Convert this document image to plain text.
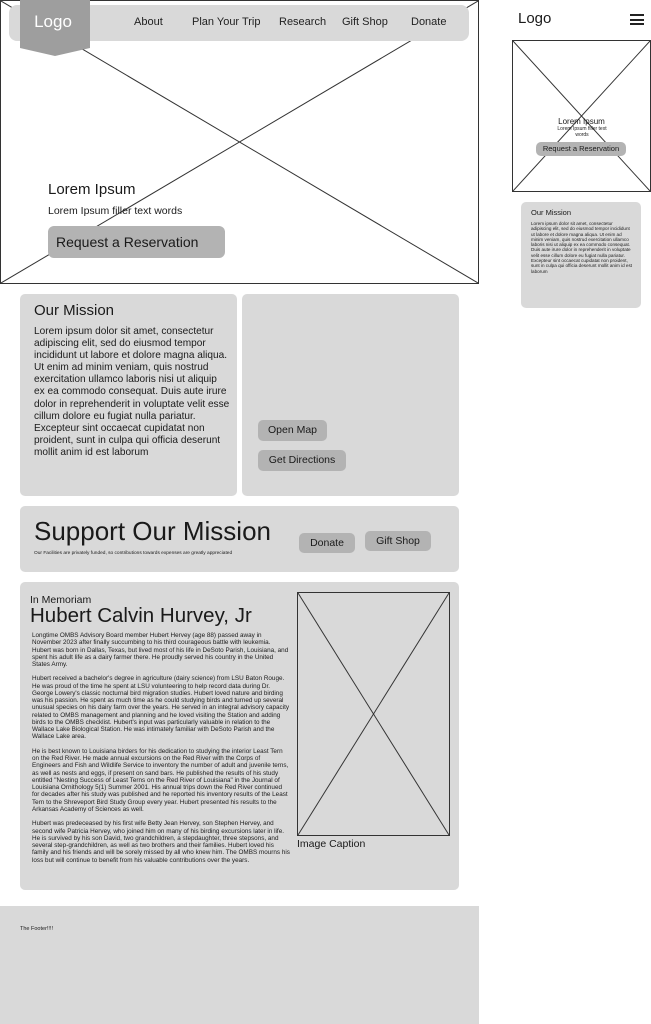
Logo	About	Plan Your Trip Research Gift Shop Donate
Lorem Ipsum
Lorem Ipsum filler text words
Request a Reservation
Logo
Lorem Ipsum
Lorem Ipsum filler text words
Request a Reservation
Our Mission
Lorem ipsum dolor sit amet, consectetur adipiscing elit, sed do eiusmod tempor incididunt ut labore et dolore magna aliqua. Ut enim ad minim veniam, quis nostrud exercitation ullamco laboris nisi ut aliquip ex ea commodo consequat. Duis aute irure dolor in reprehenderit in voluptate velit esse cillum dolore eu fugiat nulla pariatur. Excepteur sint occaecat cupidatat non proident, sunt in culpa qui officia deserunt mollit anim id est laborum
Our Mission
Lorem ipsum dolor sit amet, consectetur adipiscing elit, sed do eiusmod tempor incididunt ut labore et dolore magna aliqua. Ut enim ad minim veniam, quis nostrud exercitation ullamco laboris nisi ut aliquip ex ea commodo consequat. Duis aute irure dolor in reprehenderit in voluptate velit esse cillum dolore eu fugiat nulla pariatur. Excepteur sint occaecat cupidatat non proident, sunt in culpa qui officia deserunt mollit anim id est laborum
Open Map
Get Directions
Support Our Mission
Our Facilities are privately funded, so contributions towards expenses are greatly appreciated
Donate	Gift Shop
In Memoriam
Hubert Calvin Hurvey, Jr

Longtime OMBS Advisory Board member Hubert Hervey (age 88) passed away in November 2023 after finally succumbing to his third courageous battle with leukemia. Hubert was born in Dallas, Texas, but lived most of his life in DeSoto Parish, Louisiana, and spent his adult life as a dairy farmer there. He proudly served his country in the United States Army.

Hubert received a bachelor's degree in agriculture (dairy science) from LSU Baton Rouge. He was proud of the time he spent at LSU volunteering to help record data during Dr. George Lowery's classic nocturnal bird migration studies. Hubert loved nature and birding was his passion. He spent as much time as he could studying birds and turned up several unusual species on his dairy farm over the years. He served in an integral advisory capacity related to OMBS management and planning and he loved visiting the Station and adding birds to the OMBS checklist. Hubert's input was particularly valuable in relation to the Wallace Lake Biological Station. He was intimately familiar with DeSoto Parish and the Wallace Lake area.

He is best known to Louisiana birders for his dedication to studying the interior Least Tern on the Red River. He made annual excursions on the Red River with the Corps of Engineers and Fish and Wildlife Service to inventory the number of adult and juvenile terns, as well as nests and eggs, if present on sand bars. He published the results of his study entitled "Nesting Success of Least Terns on the Red River of Louisiana" in the Journal of Louisiana Ornithology 5(1) Summer 2001. His annual trips down the Red River continued for decades after his study was published and he reported his inventory results of the Least Tern to the Shreveport Bird Study Group every year. Hubert presented his results to the Arkansas Academy of Sciences as well.

Hubert was predeceased by his first wife Betty Jean Hervey, son Stephen Hervey, and second wife Patricia Hervey, who joined him on many of his birding excursions later in life. He is survived by his son David, two grandchildren, a stepdaughter, three stepsons, and several step-grandchildren, as well as two brothers and their families. Hubert loved his family and his friends and will be sorely missed by all who knew him. The OMBS mourns his loss but will continue to benefit from his valuable contributions over the years.

Image Caption
The Footer!!!!
